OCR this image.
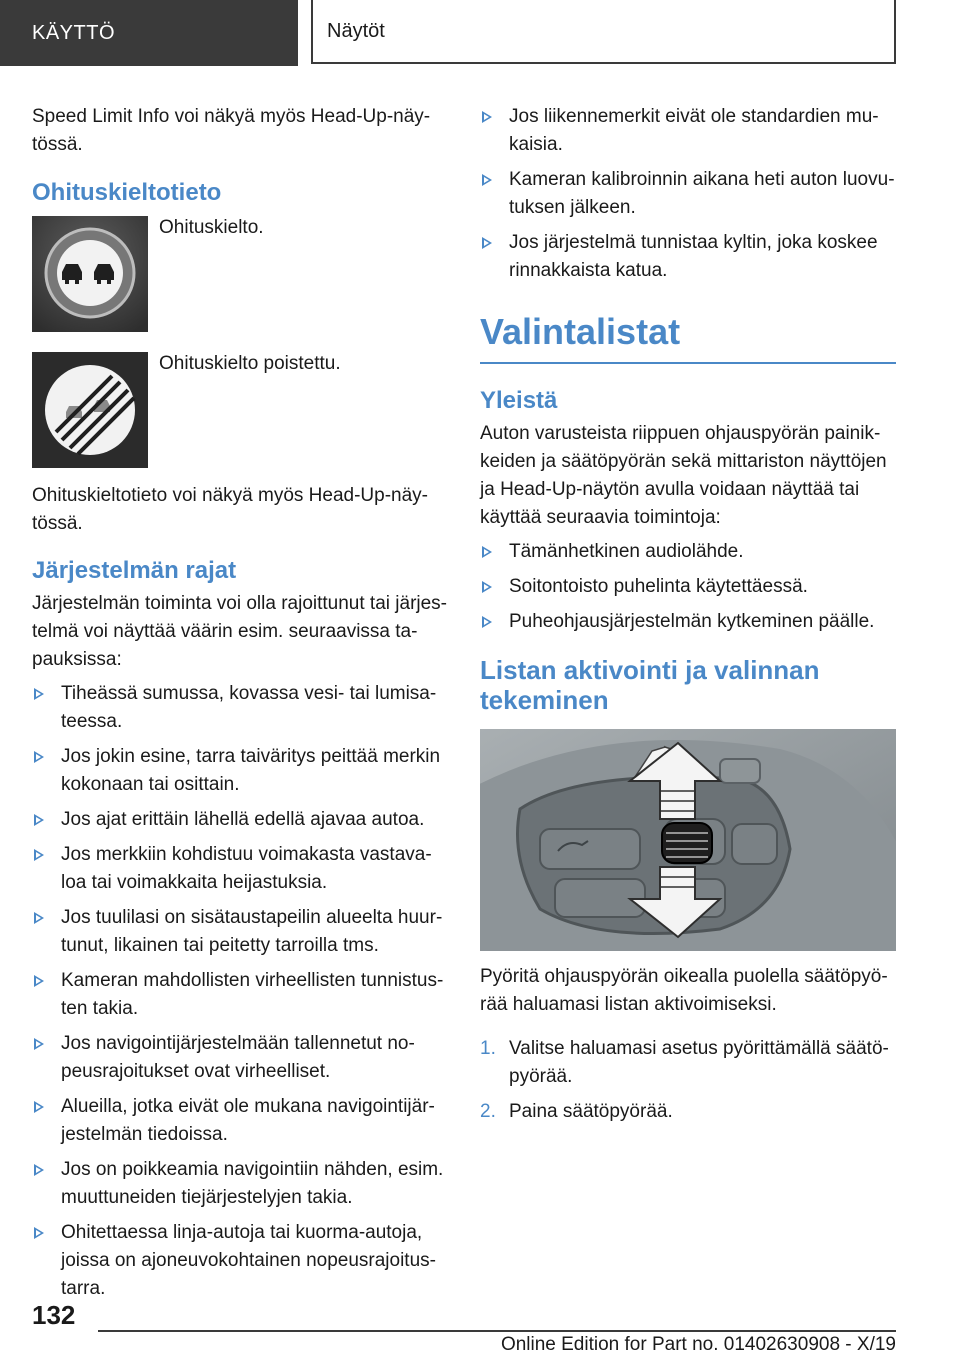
KÄYTTÖ	Näytöt

Speed Limit Info voi näkyä myös Head-Up-näy-
tössä.

Ohituskieltotieto
Ohituskielto.
Ohituskielto poistettu.

Ohituskieltotieto voi näkyä myös Head-Up-näy-
tössä.

Järjestelmän rajat

Järjestelmän toiminta voi olla rajoittunut tai järjes-
telmä voi näyttää väärin esim. seuraavissa ta-
pauksissa:

Tiheässä sumussa, kovassa vesi- tai lumisa-
teessa.
Jos jokin esine, tarra taiväritys peittää merkin
kokonaan tai osittain.
Jos ajat erittäin lähellä edellä ajavaa autoa.
Jos merkkiin kohdistuu voimakasta vastava-
loa tai voimakkaita heijastuksia.
Jos tuulilasi on sisätaustapeilin alueelta huur-
tunut, likainen tai peitetty tarroilla tms.
Kameran mahdollisten virheellisten tunnistus-
ten takia.
Jos navigointijärjestelmään tallennetut no-
peusrajoitukset ovat virheelliset.
Alueilla, jotka eivät ole mukana navigointijär-
jestelmän tiedoissa.
Jos on poikkeamia navigointiin nähden, esim.
muuttuneiden tiejärjestelyjen takia.
Ohitettaessa linja-autoja tai kuorma-autoja,
joissa on ajoneuvokohtainen nopeusrajoitus-
tarra.
Jos liikennemerkit eivät ole standardien mu-
kaisia.
Kameran kalibroinnin aikana heti auton luovu-
tuksen jälkeen.
Jos järjestelmä tunnistaa kyltin, joka koskee
rinnakkaista katua.
Valintalistat
Yleistä

Auton varusteista riippuen ohjauspyörän painik-
keiden ja säätöpyörän sekä mittariston näyttöjen
ja Head-Up-näytön avulla voidaan näyttää tai
käyttää seuraavia toimintoja:

Tämänhetkinen audiolähde.
Soitontoisto puhelinta käytettäessä.
Puheohjausjärjestelmän kytkeminen päälle.
Listan aktivointi ja valinnan
tekeminen

Pyöritä ohjauspyörän oikealla puolella säätöpyö-
rää haluamasi listan aktivoimiseksi.

1. Valitse haluamasi asetus pyörittämällä säätö-
pyörää.
2. Paina säätöpyörää.
132
Online Edition for Part no. 01402630908 - X/19
